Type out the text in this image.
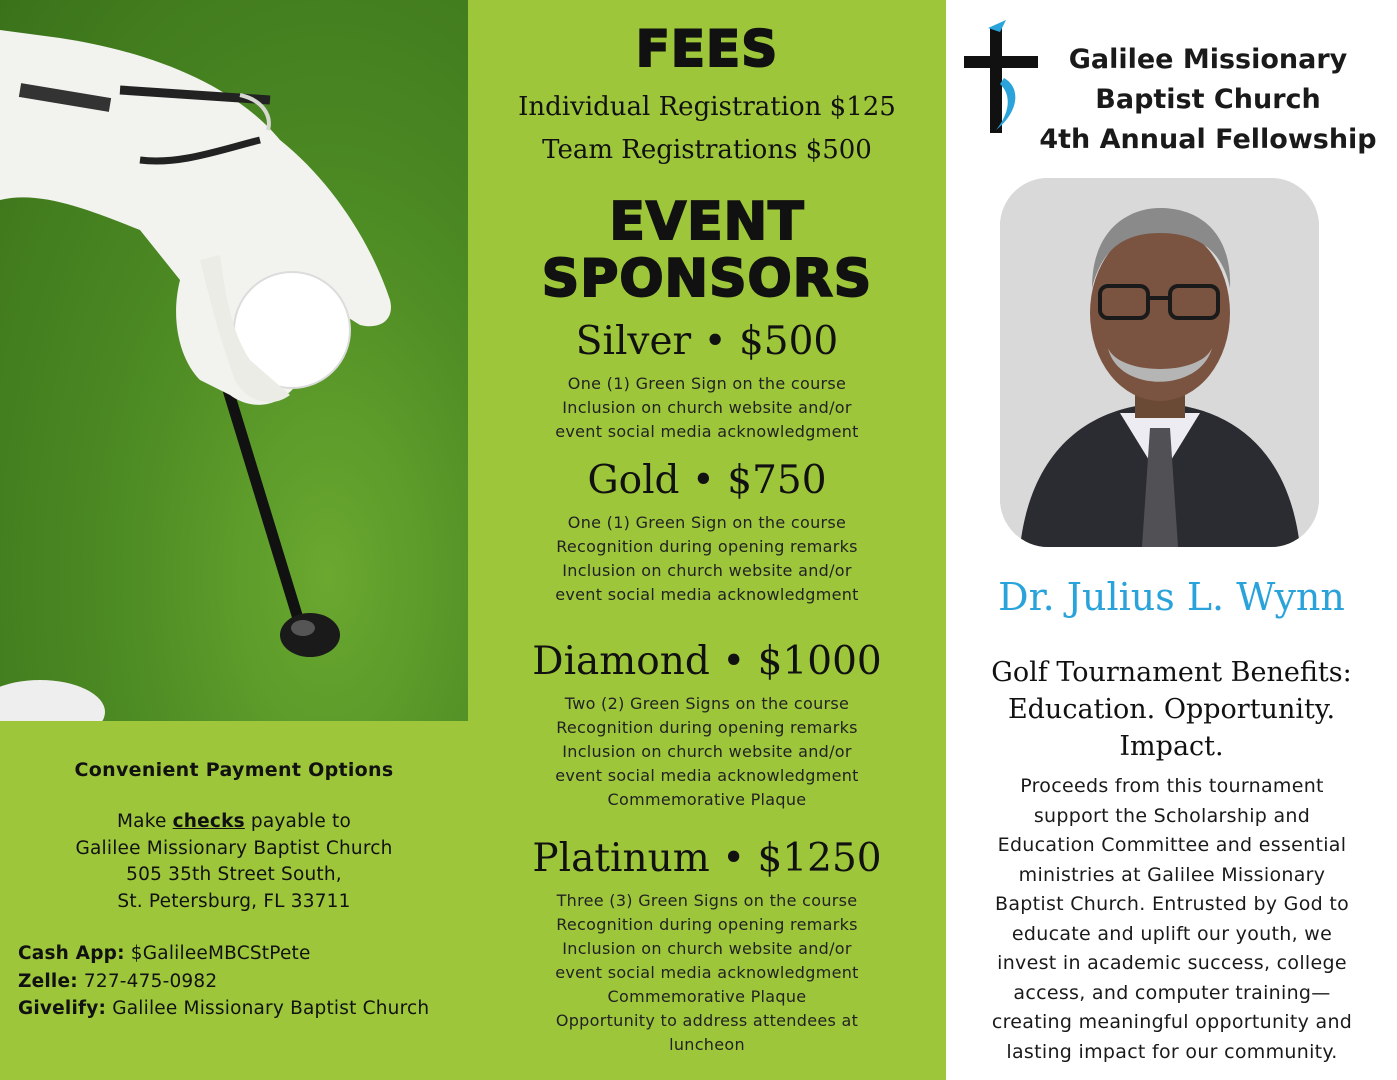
Convenient Payment Options
Make checks payable to
Galilee Missionary Baptist Church
505 35th Street South,
St. Petersburg, FL 33711
Cash App: $GalileeMBCStPete
Zelle: 727-475-0982
Givelify: Galilee Missionary Baptist Church
FEES
Individual Registration $125
Team Registrations $500
EVENT
SPONSORS
Silver • $500
One (1) Green Sign on the course
Inclusion on church website and/or
event social media acknowledgment
Gold • $750
One (1) Green Sign on the course
Recognition during opening remarks
Inclusion on church website and/or
event social media acknowledgment
Diamond • $1000
Two (2) Green Signs on the course
Recognition during opening remarks
Inclusion on church website and/or
event social media acknowledgment
Commemorative Plaque
Platinum • $1250
Three (3) Green Signs on the course
Recognition during opening remarks
Inclusion on church website and/or
event social media acknowledgment
Commemorative Plaque
Opportunity to address attendees at
luncheon
Galilee Missionary
Baptist Church
4th Annual Fellowship
Dr. Julius L. Wynn
Golf Tournament Benefits:
Education. Opportunity.
Impact.
Proceeds from this tournament
support the Scholarship and
Education Committee and essential
ministries at Galilee Missionary
Baptist Church. Entrusted by God to
educate and uplift our youth, we
invest in academic success, college
access, and computer training—
creating meaningful opportunity and
lasting impact for our community.
